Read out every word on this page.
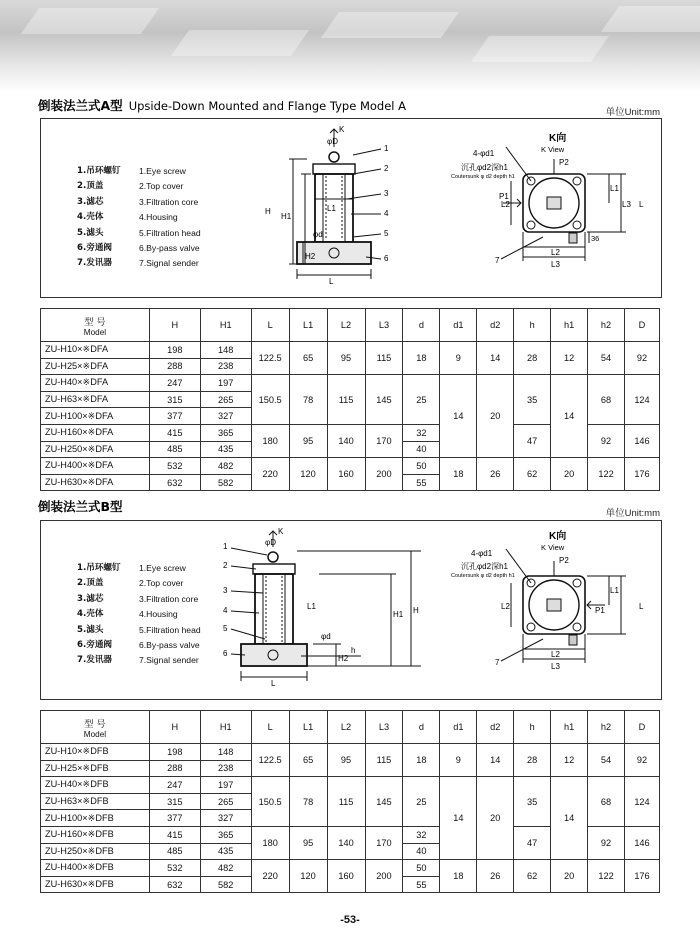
倒装法兰式A型 Upside-Down Mounted and Flange Type Model A	单位Unit:mm
1.吊环螺钉	1.Eye screw
2.顶盖	2.Top cover
3.滤芯	3.Filtration core
4.壳体	4.Housing
5.滤头	5.Filtration head
6.旁通阀	6.By-pass valve
7.发讯器	7.Signal sender
K
φD
H
H1
H2
φd
L
L1
1
2
3
4
5
6
K向
K View
4-φd1
沉孔φd2深h1
Coutersunk φ d2 depth h1
P2
P1
L1
L2	L3 L
L2
L3
36
7
型 号
Model	H	H1	L	L1	L2	L3	d	d1	d2	h	h1	h2	D
ZU-H10×※DFA	198	148	122.5	65	95	115	18	9	14	28	12	54	92
ZU-H25×※DFA	288	238											
ZU-H40×※DFA	247	197	150.5	78	115	145	25	14	20	35	14	68	124
ZU-H63×※DFA	315	265											
ZU-H100×※DFA	377	327											
ZU-H160×※DFA	415	365	180	95	140	170	32			47		92	146
ZU-H250×※DFA	485	435					40						
ZU-H400×※DFA	532	482	220	120	160	200	50	18	26	62	20	122	176
ZU-H630×※DFA	632	582					55						
倒装法兰式B型	单位Unit:mm
1.吊环螺钉	1.Eye screw
2.顶盖	2.Top cover
3.滤芯	3.Filtration core
4.壳体	4.Housing
5.滤头	5.Filtration head
6.旁通阀	6.By-pass valve
7.发讯器	7.Signal sender
K
φD
H
H1
H2
φd
L
L1
h
1
2
3
4
5
6
K向
K View
4-φd1
沉孔φd2深h1
Coutersunk φ d2 depth h1
P2
P1
L1
L2	L
L2
L3
7
型 号
Model	H	H1	L	L1	L2	L3	d	d1	d2	h	h1	h2	D
ZU-H10×※DFB	198	148	122.5	65	95	115	18	9	14	28	12	54	92
ZU-H25×※DFB	288	238											
ZU-H40×※DFB	247	197	150.5	78	115	145	25	14	20	35	14	68	124
ZU-H63×※DFB	315	265											
ZU-H100×※DFB	377	327											
ZU-H160×※DFB	415	365	180	95	140	170	32			47		92	146
ZU-H250×※DFB	485	435					40						
ZU-H400×※DFB	532	482	220	120	160	200	50	18	26	62	20	122	176
ZU-H630×※DFB	632	582					55						
-53-
